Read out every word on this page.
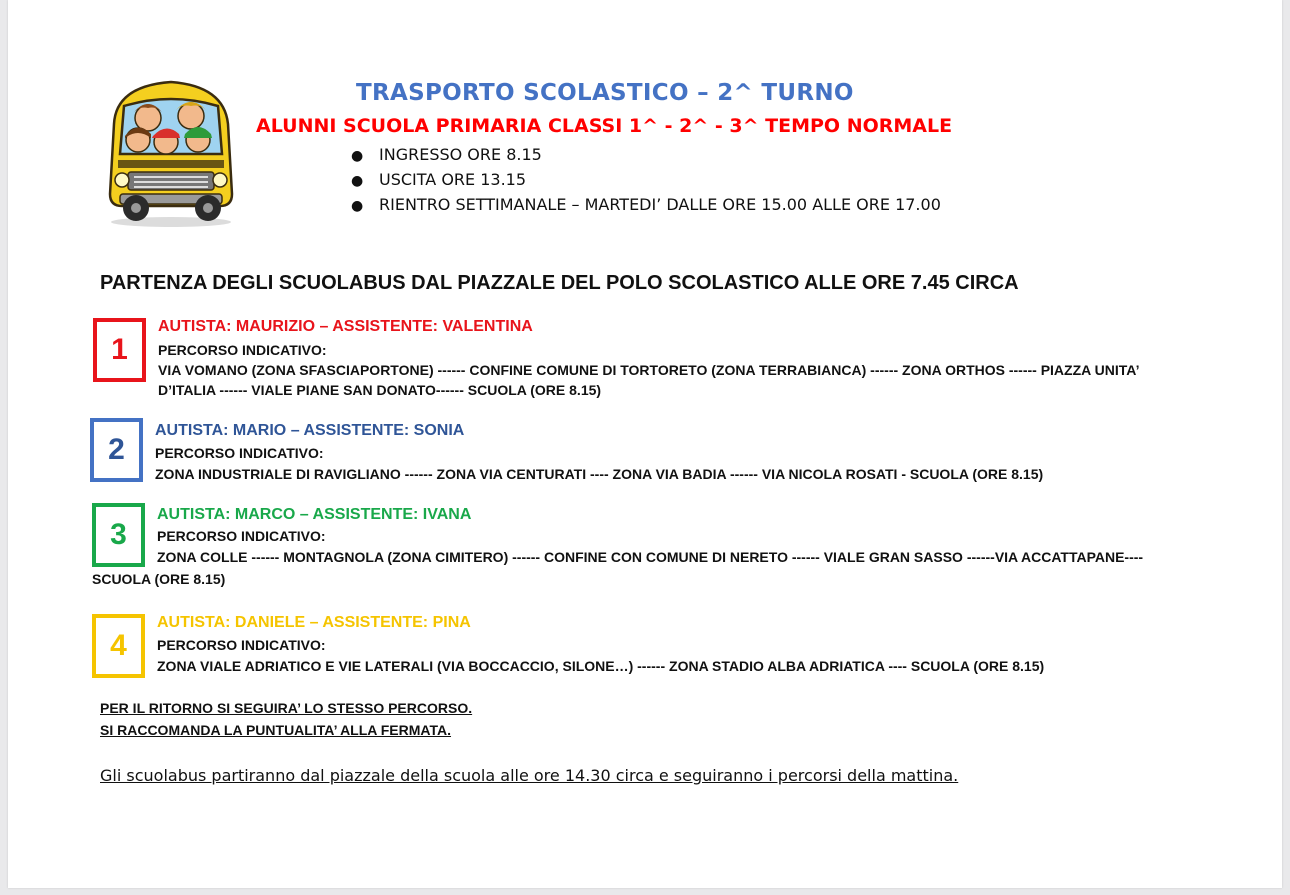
TRASPORTO SCOLASTICO – 2^ TURNO
ALUNNI SCUOLA PRIMARIA CLASSI 1^ - 2^ - 3^ TEMPO NORMALE
● INGRESSO ORE 8.15
● USCITA ORE 13.15
● RIENTRO SETTIMANALE – MARTEDI’ DALLE ORE 15.00 ALLE ORE 17.00
PARTENZA DEGLI SCUOLABUS DAL PIAZZALE DEL POLO SCOLASTICO ALLE ORE 7.45 CIRCA
1
AUTISTA: MAURIZIO – ASSISTENTE: VALENTINA
PERCORSO INDICATIVO:
VIA VOMANO (ZONA SFASCIAPORTONE) ------ CONFINE COMUNE DI TORTORETO (ZONA TERRABIANCA) ------ ZONA ORTHOS ------ PIAZZA UNITA’
D’ITALIA ------ VIALE PIANE SAN DONATO------ SCUOLA (ORE 8.15)
2
AUTISTA: MARIO – ASSISTENTE: SONIA
PERCORSO INDICATIVO:
ZONA INDUSTRIALE DI RAVIGLIANO ------ ZONA VIA CENTURATI ---- ZONA VIA BADIA ------ VIA NICOLA ROSATI - SCUOLA (ORE 8.15)
3
AUTISTA: MARCO – ASSISTENTE: IVANA
PERCORSO INDICATIVO:
ZONA COLLE ------ MONTAGNOLA (ZONA CIMITERO) ------ CONFINE CON COMUNE DI NERETO ------ VIALE GRAN SASSO ------VIA ACCATTAPANE----
SCUOLA (ORE 8.15)
4
AUTISTA: DANIELE – ASSISTENTE: PINA
PERCORSO INDICATIVO:
ZONA VIALE ADRIATICO E VIE LATERALI (VIA BOCCACCIO, SILONE…) ------ ZONA STADIO ALBA ADRIATICA ---- SCUOLA (ORE 8.15)
PER IL RITORNO SI SEGUIRA’ LO STESSO PERCORSO.
SI RACCOMANDA LA PUNTUALITA’ ALLA FERMATA.
Gli scuolabus partiranno dal piazzale della scuola alle ore 14.30 circa e seguiranno i percorsi della mattina.
